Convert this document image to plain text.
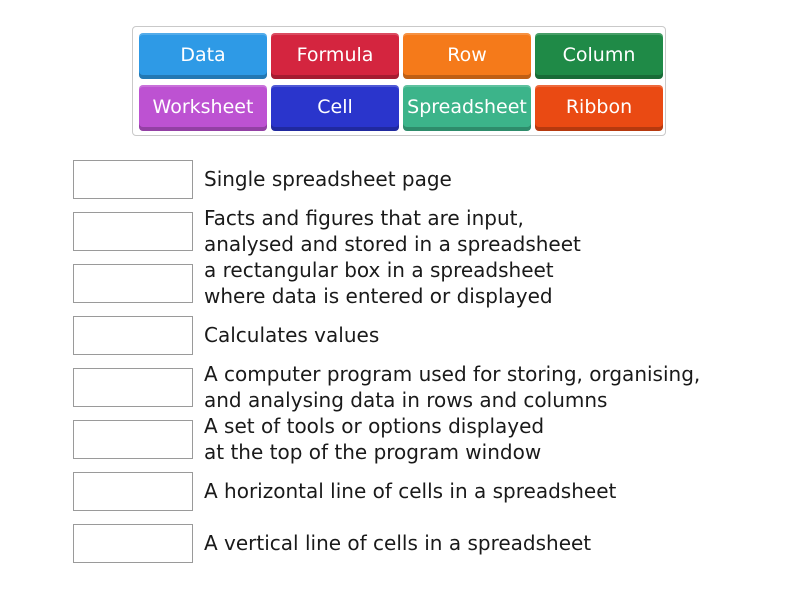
Data	Formula	Row	Column
Worksheet	Cell	Spreadsheet	Ribbon
Single spreadsheet page
Facts and figures that are input,
analysed and stored in a spreadsheet
a rectangular box in a spreadsheet
where data is entered or displayed
Calculates values
A computer program used for storing, organising,
and analysing data in rows and columns
A set of tools or options displayed
at the top of the program window
A horizontal line of cells in a spreadsheet
A vertical line of cells in a spreadsheet
